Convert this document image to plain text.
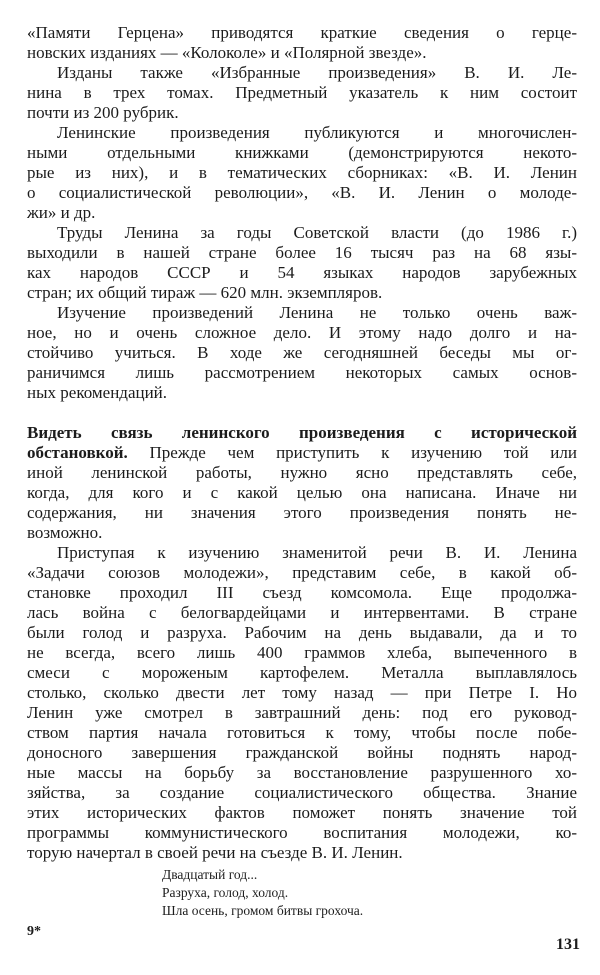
«Памяти Герцена» приводятся краткие сведения о герце-
новских изданиях — «Колоколе» и «Полярной звезде».
Изданы также «Избранные произведения» В. И. Ле-
нина в трех томах. Предметный указатель к ним состоит
почти из 200 рубрик.
Ленинские произведения публикуются и многочислен-
ными отдельными книжками (демонстрируются некото-
рые из них), и в тематических сборниках: «В. И. Ленин
о социалистической революции», «В. И. Ленин о молоде-
жи» и др.
Труды Ленина за годы Советской власти (до 1986 г.)
выходили в нашей стране более 16 тысяч раз на 68 язы-
ках народов СССР и 54 языках народов зарубежных
стран; их общий тираж — 620 млн. экземпляров.
Изучение произведений Ленина не только очень важ-
ное, но и очень сложное дело. И этому надо долго и на-
стойчиво учиться. В ходе же сегодняшней беседы мы ог-
раничимся лишь рассмотрением некоторых самых основ-
ных рекомендаций.
Видеть связь ленинского произведения с исторической
обстановкой. Прежде чем приступить к изучению той или
иной ленинской работы, нужно ясно представлять себе,
когда, для кого и с какой целью она написана. Иначе ни
содержания, ни значения этого произведения понять не-
возможно.
Приступая к изучению знаменитой речи В. И. Ленина
«Задачи союзов молодежи», представим себе, в какой об-
становке проходил III съезд комсомола. Еще продолжа-
лась война с белогвардейцами и интервентами. В стране
были голод и разруха. Рабочим на день выдавали, да и то
не всегда, всего лишь 400 граммов хлеба, выпеченного в
смеси с мороженым картофелем. Металла выплавлялось
столько, сколько двести лет тому назад — при Петре I. Но
Ленин уже смотрел в завтрашний день: под его руковод-
ством партия начала готовиться к тому, чтобы после побе-
доносного завершения гражданской войны поднять народ-
ные массы на борьбу за восстановление разрушенного хо-
зяйства, за создание социалистического общества. Знание
этих исторических фактов поможет понять значение той
программы коммунистического воспитания молодежи, ко-
торую начертал в своей речи на съезде В. И. Ленин.
Двадцатый год...
Разруха, голод, холод.
Шла осень, громом битвы грохоча.
9*
131
